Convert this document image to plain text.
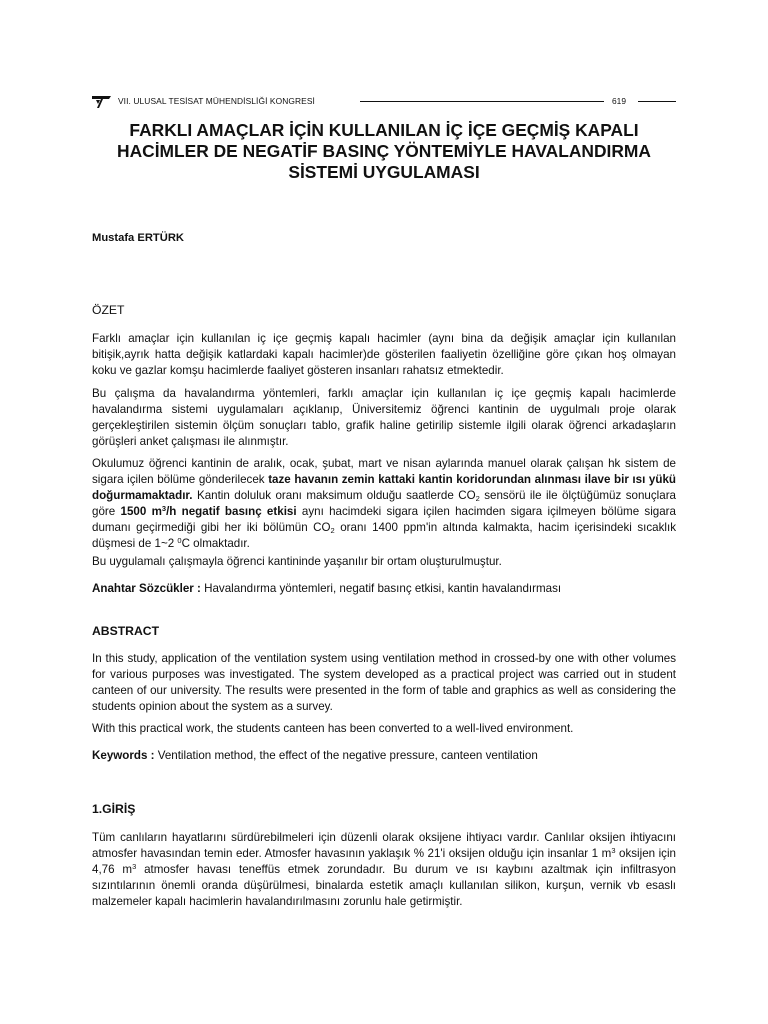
VII. ULUSAL TESİSAT MÜHENDİSLİĞİ KONGRESİ	619
FARKLI AMAÇLAR İÇİN KULLANILAN İÇ İÇE GEÇMİŞ KAPALI HACİMLER DE NEGATİF BASINÇ YÖNTEMİYLE HAVALANDIRMA SİSTEMİ UYGULAMASI

Mustafa ERTÜRK

ÖZET

Farklı amaçlar için kullanılan iç içe geçmiş kapalı hacimler (aynı bina da değişik amaçlar için kullanılan bitişik,ayrık hatta değişik katlardaki kapalı hacimler)de gösterilen faaliyetin özelliğine göre çıkan hoş olmayan koku ve gazlar komşu hacimlerde faaliyet gösteren insanları rahatsız etmektedir.

Bu çalışma da havalandırma yöntemleri, farklı amaçlar için kullanılan iç içe geçmiş kapalı hacimlerde havalandırma sistemi uygulamaları açıklanıp, Üniversitemiz öğrenci kantinin de uygulmalı proje olarak gerçekleştirilen sistemin ölçüm sonuçları tablo, grafik haline getirilip sistemle ilgili olarak öğrenci arkadaşların görüşleri anket çalışması ile alınmıştır.

Okulumuz öğrenci kantinin de aralık, ocak, şubat, mart ve nisan aylarında manuel olarak çalışan hk sistem de sigara içilen bölüme gönderilecek taze havanın zemin kattaki kantin koridorundan alınması ilave bir ısı yükü doğurmamaktadır. Kantin doluluk oranı maksimum olduğu saatlerde $CO_2$ sensörü ile ile ölçtüğümüz sonuçlara göre 1500 $m^3/h$ negatif basınç etkisi aynı hacimdeki sigara içilen hacimden sigara içilmeyen bölüme sigara dumanı geçirmediği gibi her iki bölümün $CO_2$ oranı 1400 ppm'in altında kalmakta, hacim içerisindeki sıcaklık düşmesi de 1~2 $^0$C olmaktadır.

Bu uygulamalı çalışmayla öğrenci kantininde yaşanılır bir ortam oluşturulmuştur.

Anahtar Sözcükler : Havalandırma yöntemleri, negatif basınç etkisi, kantin havalandırması

ABSTRACT

In this study, application of the ventilation system using ventilation method in crossed-by one with other volumes for various purposes was investigated. The system developed as a practical project was carried out in student canteen of our university. The results were presented in the form of table and graphics as well as considering the students opinion about the system as a survey.

With this practical work, the students canteen has been converted to a well-lived environment.

Keywords : Ventilation method, the effect of the negative pressure, canteen ventilation

1.GİRİŞ

Tüm canlıların hayatlarını sürdürebilmeleri için düzenli olarak oksijene ihtiyacı vardır. Canlılar oksijen ihtiyacını atmosfer havasından temin eder. Atmosfer havasının yaklaşık % 21'i oksijen olduğu için insanlar 1 $m^3$ oksijen için 4,76 $m^3$ atmosfer havası teneffüs etmek zorundadır. Bu durum ve ısı kaybını azaltmak için infiltrasyon sızıntılarının önemli oranda düşürülmesi, binalarda estetik amaçlı kullanılan silikon, kurşun, vernik vb esaslı malzemeler kapalı hacimlerin havalandırılmasını zorunlu hale getirmiştir.
